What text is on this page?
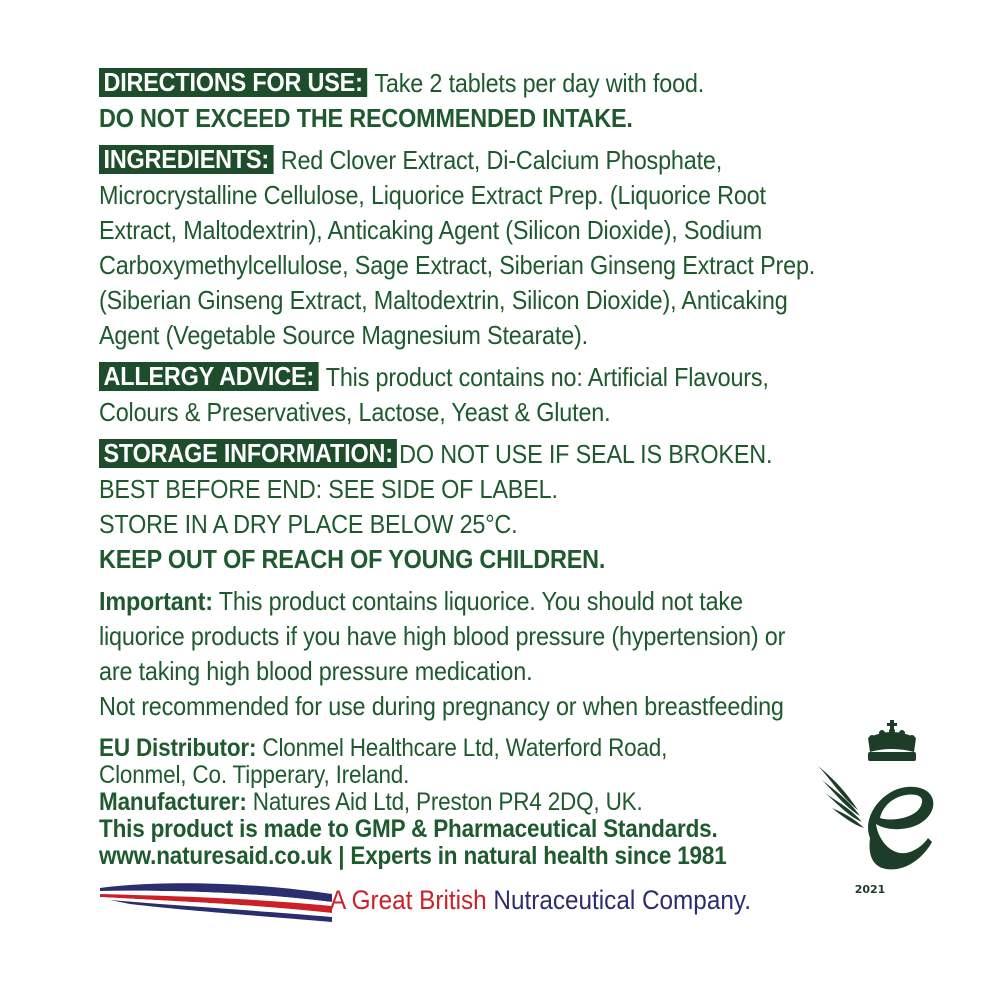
DIRECTIONS FOR USE: Take 2 tablets per day with food.
DO NOT EXCEED THE RECOMMENDED INTAKE.
INGREDIENTS: Red Clover Extract, Di-Calcium Phosphate,
Microcrystalline Cellulose, Liquorice Extract Prep. (Liquorice Root
Extract, Maltodextrin), Anticaking Agent (Silicon Dioxide), Sodium
Carboxymethylcellulose, Sage Extract, Siberian Ginseng Extract Prep.
(Siberian Ginseng Extract, Maltodextrin, Silicon Dioxide), Anticaking
Agent (Vegetable Source Magnesium Stearate).
ALLERGY ADVICE: This product contains no: Artificial Flavours,
Colours & Preservatives, Lactose, Yeast & Gluten.
STORAGE INFORMATION: DO NOT USE IF SEAL IS BROKEN.
BEST BEFORE END: SEE SIDE OF LABEL.
STORE IN A DRY PLACE BELOW 25°C.
KEEP OUT OF REACH OF YOUNG CHILDREN.
Important: This product contains liquorice. You should not take
liquorice products if you have high blood pressure (hypertension) or
are taking high blood pressure medication.
Not recommended for use during pregnancy or when breastfeeding
EU Distributor: Clonmel Healthcare Ltd, Waterford Road,
Clonmel, Co. Tipperary, Ireland.
Manufacturer: Natures Aid Ltd, Preston PR4 2DQ, UK.
This product is made to GMP & Pharmaceutical Standards.
www.naturesaid.co.uk | Experts in natural health since 1981
A Great British Nutraceutical Company.	2021
